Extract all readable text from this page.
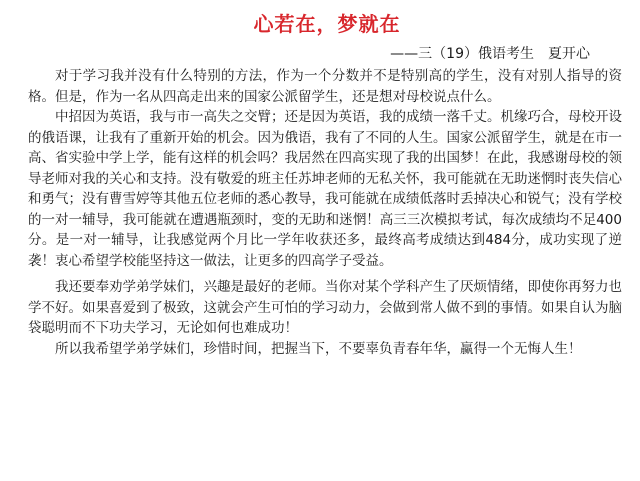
心若在，梦就在
——三（19）俄语考生　夏开心

对于学习我并没有什么特别的方法，作为一个分数并不是特别高的学生，没有对别人指导的资格。但是，作为一名从四高走出来的国家公派留学生，还是想对母校说点什么。

中招因为英语，我与市一高失之交臂；还是因为英语，我的成绩一落千丈。机缘巧合，母校开设的俄语课，让我有了重新开始的机会。因为俄语，我有了不同的人生。国家公派留学生，就是在市一高、省实验中学上学，能有这样的机会吗？我居然在四高实现了我的出国梦！在此，我感谢母校的领导老师对我的关心和支持。没有敬爱的班主任苏坤老师的无私关怀，我可能就在无助迷惘时丧失信心和勇气；没有曹雪婷等其他五位老师的悉心教导，我可能就在成绩低落时丢掉决心和锐气；没有学校的一对一辅导，我可能就在遭遇瓶颈时，变的无助和迷惘！高三三次模拟考试，每次成绩均不足400分。是一对一辅导，让我感觉两个月比一学年收获还多，最终高考成绩达到484分，成功实现了逆袭！衷心希望学校能坚持这一做法，让更多的四高学子受益。

我还要奉劝学弟学妹们，兴趣是最好的老师。当你对某个学科产生了厌烦情绪，即使你再努力也学不好。如果喜爱到了极致，这就会产生可怕的学习动力，会做到常人做不到的事情。如果自认为脑袋聪明而不下功夫学习，无论如何也难成功！

所以我希望学弟学妹们，珍惜时间，把握当下，不要辜负青春年华，赢得一个无悔人生！
